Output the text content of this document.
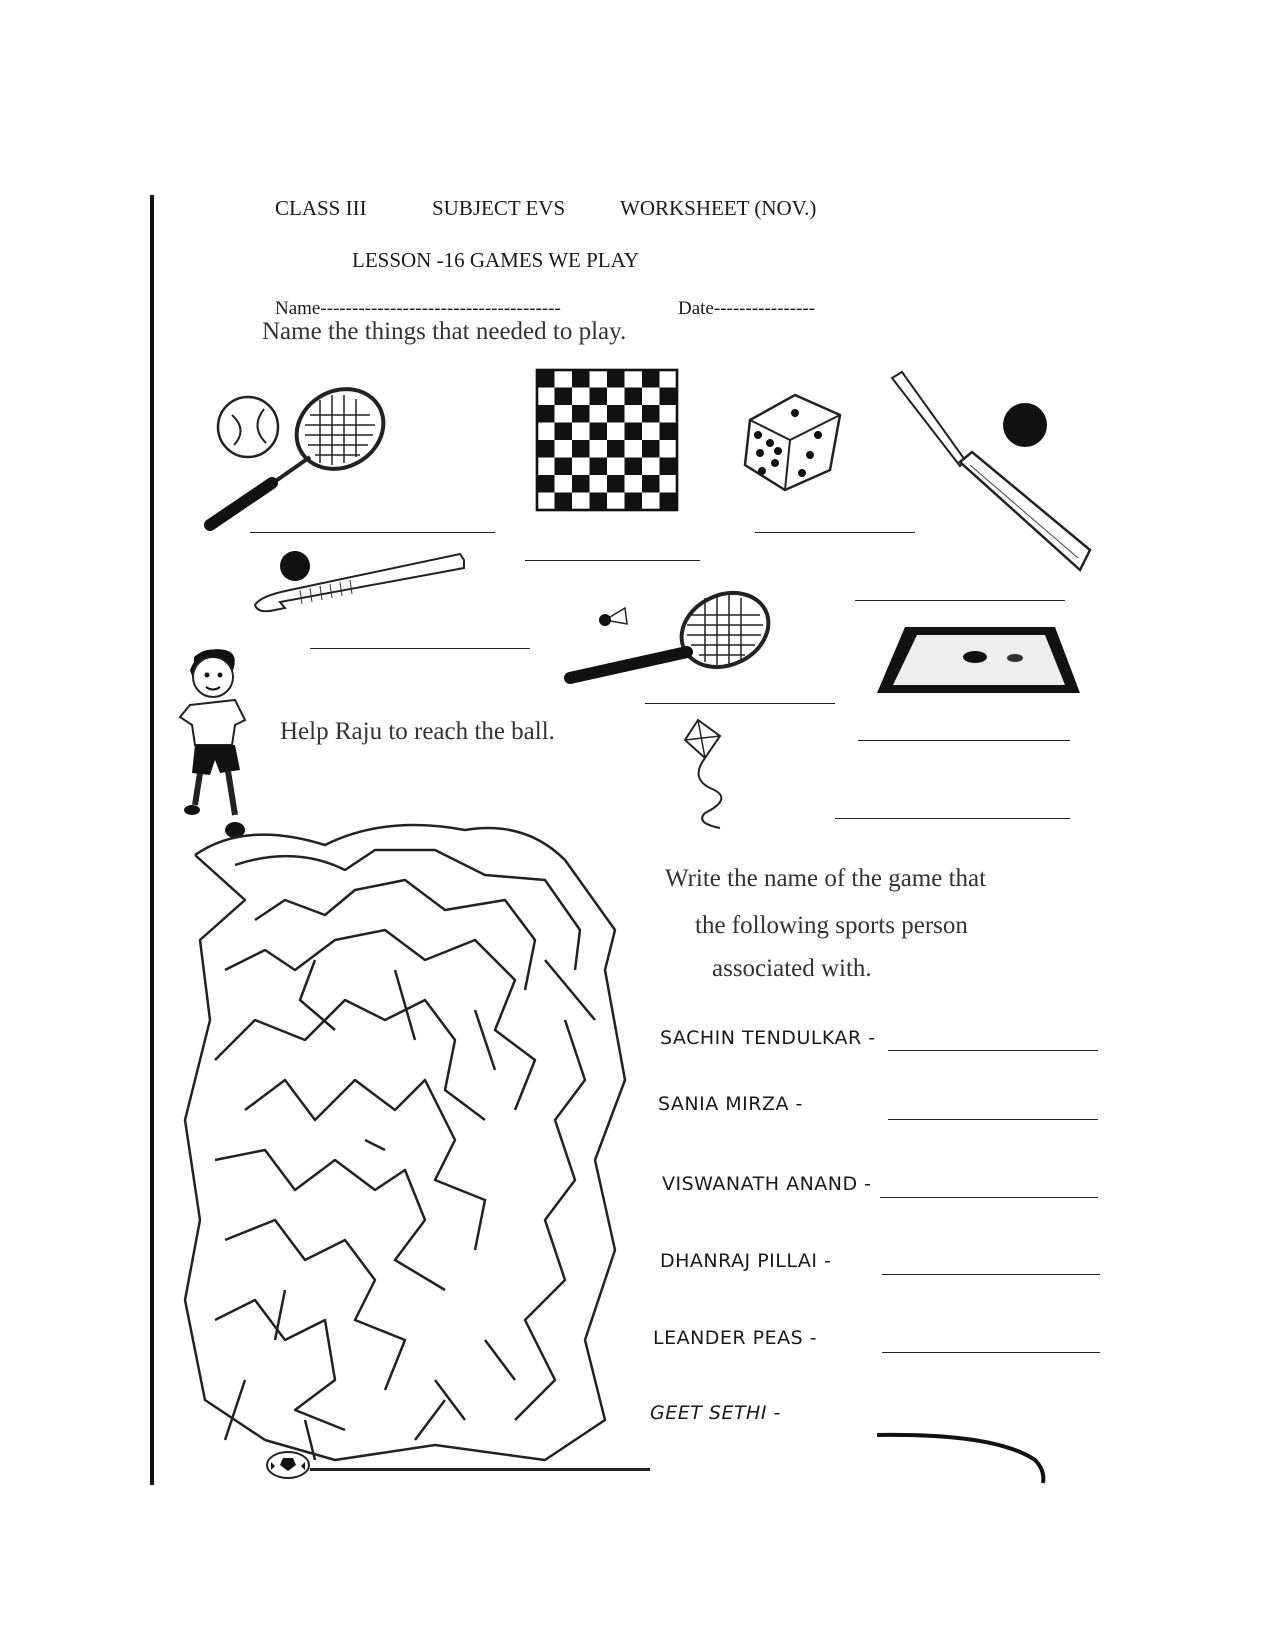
CLASS III	SUBJECT EVS	WORKSHEET (NOV.)
LESSON -16 GAMES WE PLAY
Name--------------------------------------	Date----------------
Name the things that needed to play.
Help Raju to reach the ball.
Write the name of the game that
the following sports person
associated with.
SACHIN TENDULKAR -
SANIA MIRZA -
VISWANATH ANAND -
DHANRAJ PILLAI -
LEANDER PEAS -
GEET SETHI -
